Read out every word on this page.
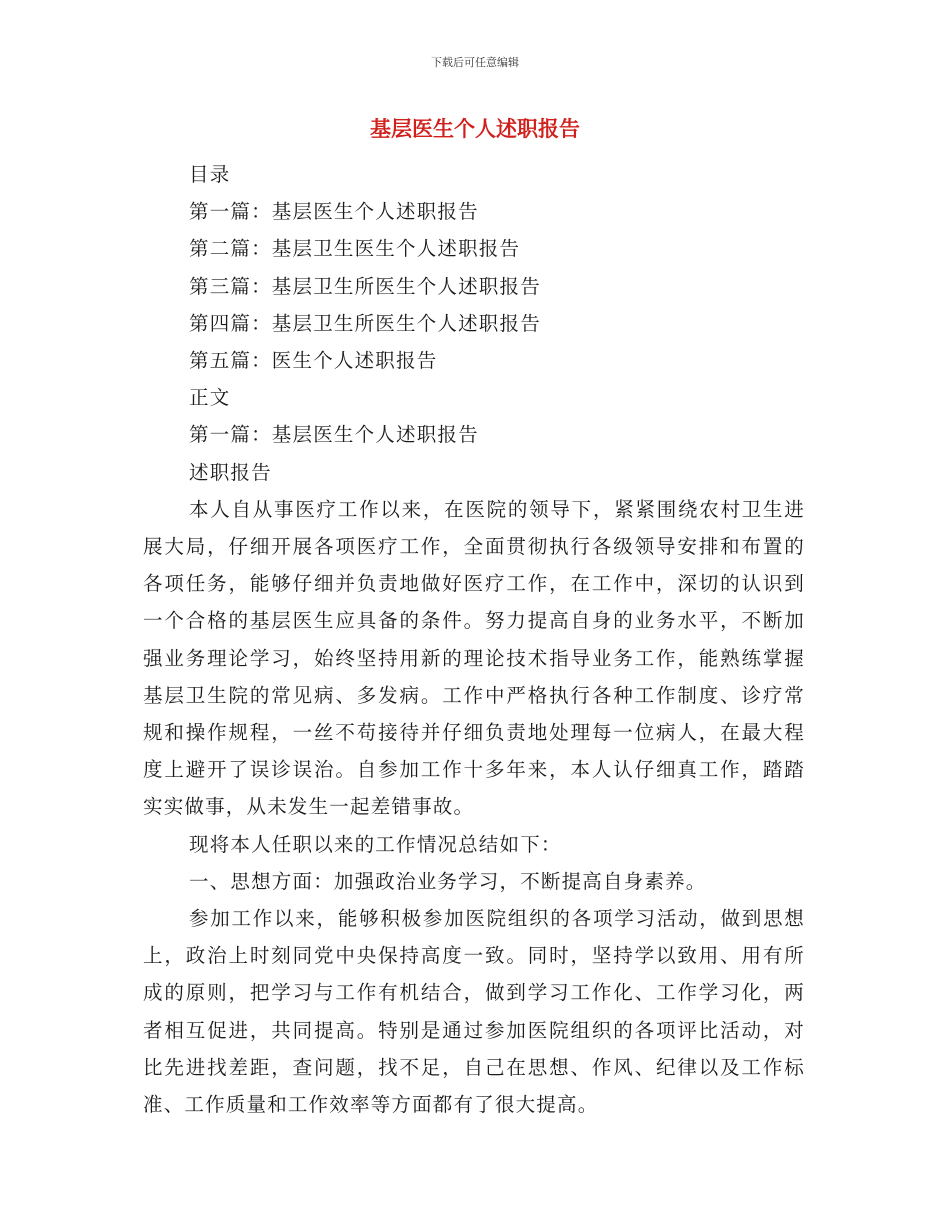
下载后可任意编辑
基层医生个人述职报告

目录

第一篇：基层医生个人述职报告

第二篇：基层卫生医生个人述职报告

第三篇：基层卫生所医生个人述职报告

第四篇：基层卫生所医生个人述职报告

第五篇：医生个人述职报告

正文

第一篇：基层医生个人述职报告

述职报告

本人自从事医疗工作以来，在医院的领导下，紧紧围绕农村卫生进展大局，仔细开展各项医疗工作，全面贯彻执行各级领导安排和布置的各项任务，能够仔细并负责地做好医疗工作，在工作中，深切的认识到一个合格的基层医生应具备的条件。努力提高自身的业务水平，不断加强业务理论学习，始终坚持用新的理论技术指导业务工作，能熟练掌握基层卫生院的常见病、多发病。工作中严格执行各种工作制度、诊疗常规和操作规程，一丝不苟接待并仔细负责地处理每一位病人，在最大程度上避开了误诊误治。自参加工作十多年来，本人认仔细真工作，踏踏实实做事，从未发生一起差错事故。

现将本人任职以来的工作情况总结如下：

一、思想方面：加强政治业务学习，不断提高自身素养。

参加工作以来，能够积极参加医院组织的各项学习活动，做到思想上，政治上时刻同党中央保持高度一致。同时，坚持学以致用、用有所成的原则，把学习与工作有机结合，做到学习工作化、工作学习化，两者相互促进，共同提高。特别是通过参加医院组织的各项评比活动，对比先进找差距，查问题，找不足，自己在思想、作风、纪律以及工作标准、工作质量和工作效率等方面都有了很大提高。
